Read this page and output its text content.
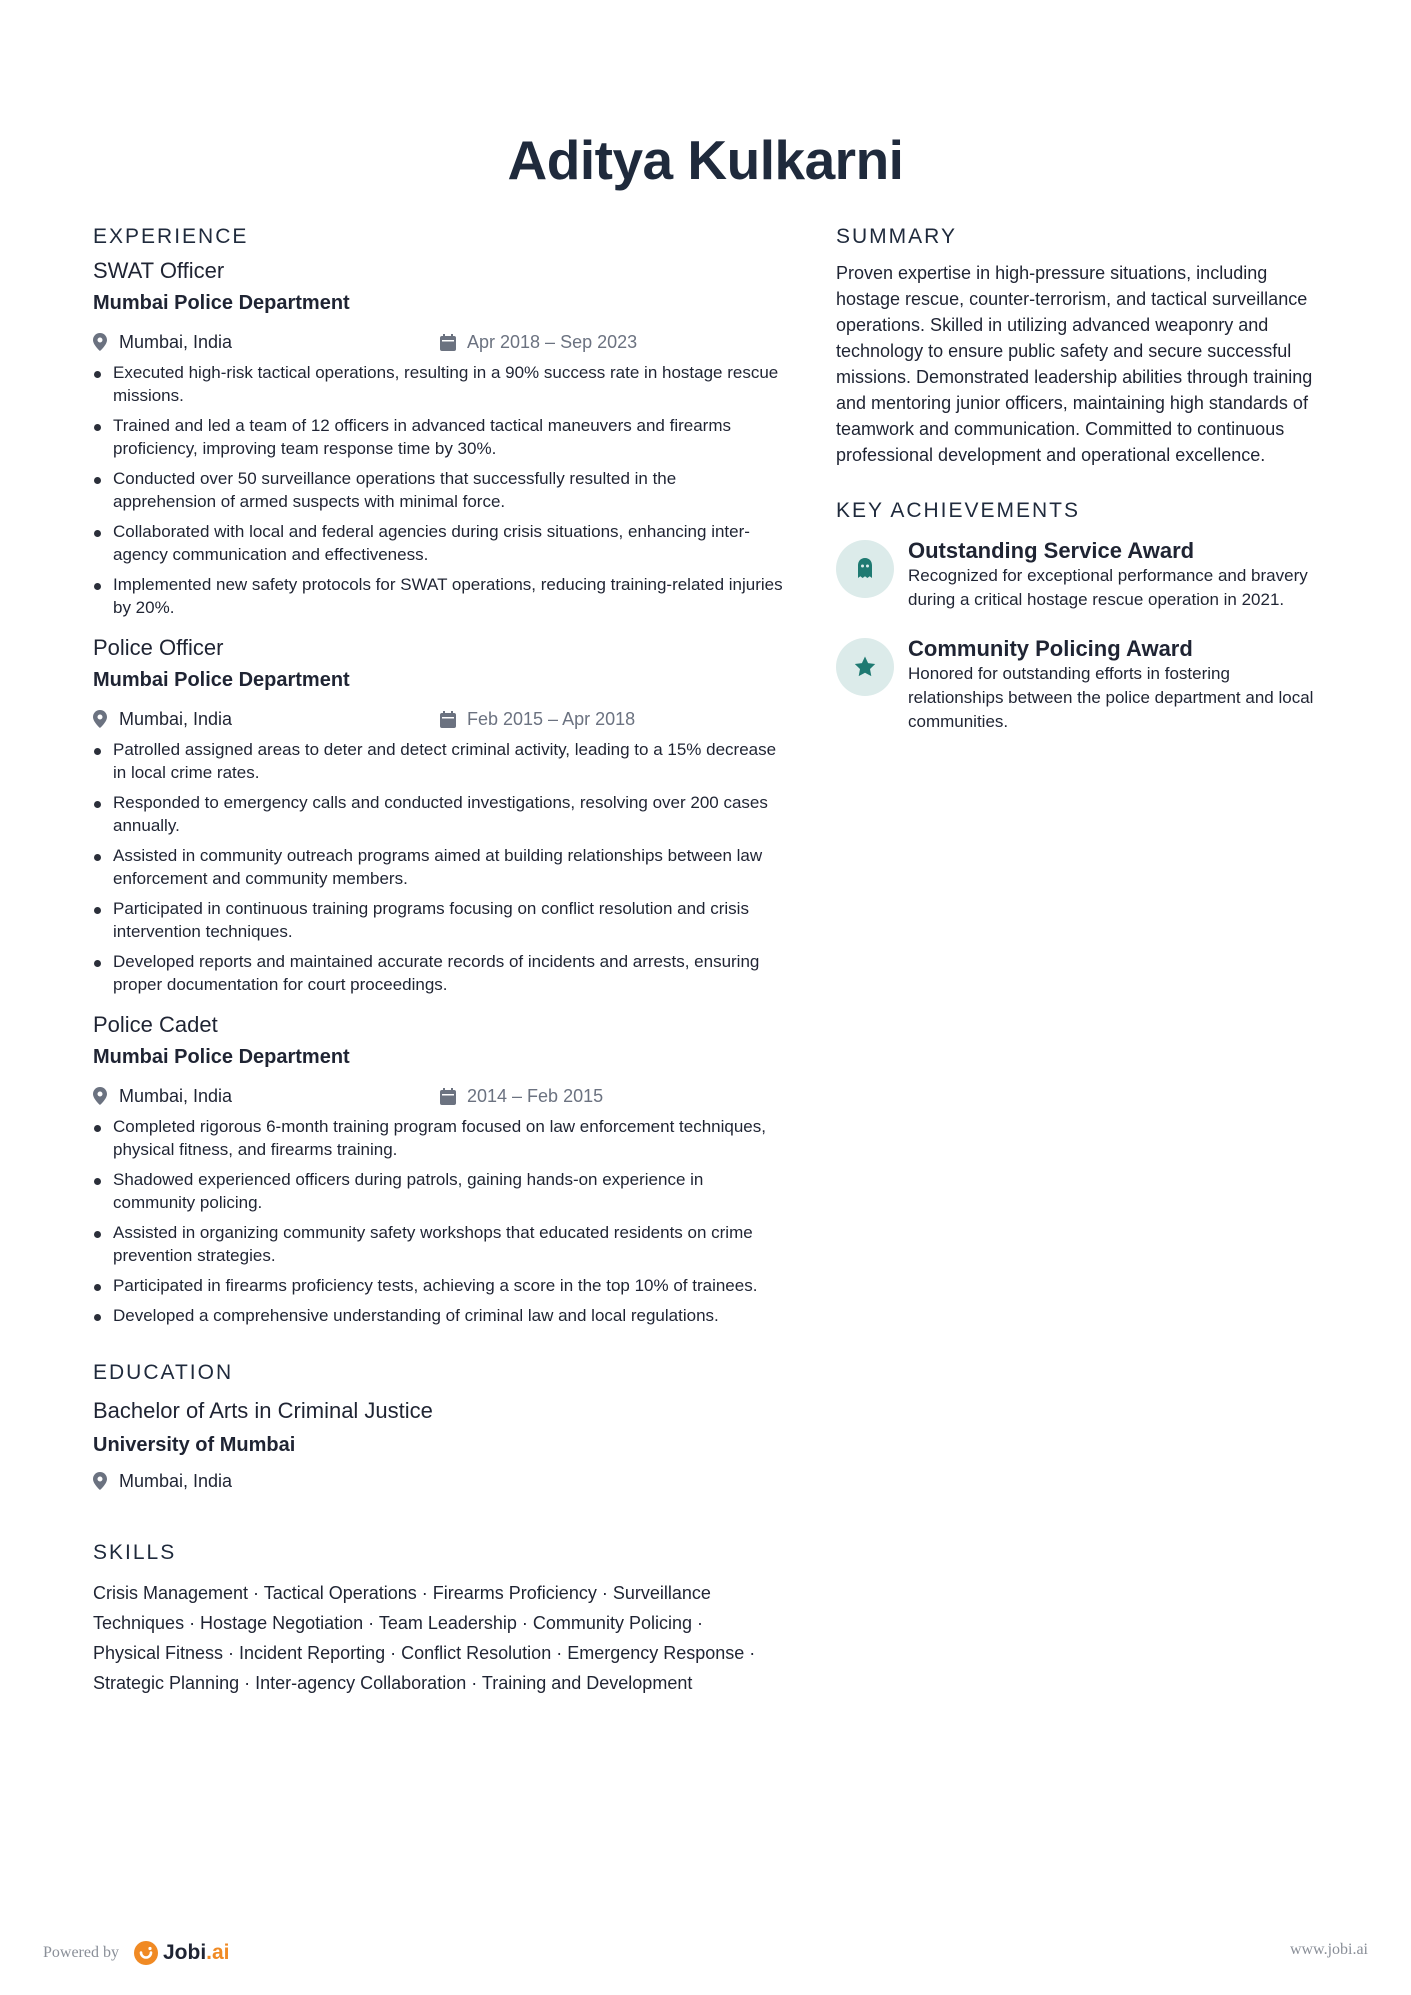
Aditya Kulkarni
EXPERIENCE
SWAT Officer
Mumbai Police Department
Mumbai, India	Apr 2018 – Sep 2023
Executed high-risk tactical operations, resulting in a 90% success rate in hostage rescue missions.
Trained and led a team of 12 officers in advanced tactical maneuvers and firearms proficiency, improving team response time by 30%.
Conducted over 50 surveillance operations that successfully resulted in the apprehension of armed suspects with minimal force.
Collaborated with local and federal agencies during crisis situations, enhancing inter-agency communication and effectiveness.
Implemented new safety protocols for SWAT operations, reducing training-related injuries by 20%.
Police Officer
Mumbai Police Department
Mumbai, India	Feb 2015 – Apr 2018
Patrolled assigned areas to deter and detect criminal activity, leading to a 15% decrease in local crime rates.
Responded to emergency calls and conducted investigations, resolving over 200 cases annually.
Assisted in community outreach programs aimed at building relationships between law enforcement and community members.
Participated in continuous training programs focusing on conflict resolution and crisis intervention techniques.
Developed reports and maintained accurate records of incidents and arrests, ensuring proper documentation for court proceedings.
Police Cadet
Mumbai Police Department
Mumbai, India	2014 – Feb 2015
Completed rigorous 6-month training program focused on law enforcement techniques, physical fitness, and firearms training.
Shadowed experienced officers during patrols, gaining hands-on experience in community policing.
Assisted in organizing community safety workshops that educated residents on crime prevention strategies.
Participated in firearms proficiency tests, achieving a score in the top 10% of trainees.
Developed a comprehensive understanding of criminal law and local regulations.
EDUCATION
Bachelor of Arts in Criminal Justice
University of Mumbai
Mumbai, India
SKILLS
Crisis Management · Tactical Operations · Firearms Proficiency · Surveillance Techniques · Hostage Negotiation · Team Leadership · Community Policing · Physical Fitness · Incident Reporting · Conflict Resolution · Emergency Response · Strategic Planning · Inter-agency Collaboration · Training and Development
SUMMARY
Proven expertise in high-pressure situations, including hostage rescue, counter-terrorism, and tactical surveillance operations. Skilled in utilizing advanced weaponry and technology to ensure public safety and secure successful missions. Demonstrated leadership abilities through training and mentoring junior officers, maintaining high standards of teamwork and communication. Committed to continuous professional development and operational excellence.
KEY ACHIEVEMENTS
Outstanding Service Award
Recognized for exceptional performance and bravery during a critical hostage rescue operation in 2021.
Community Policing Award
Honored for outstanding efforts in fostering relationships between the police department and local communities.
Powered by Jobi .ai	www.jobi.ai
